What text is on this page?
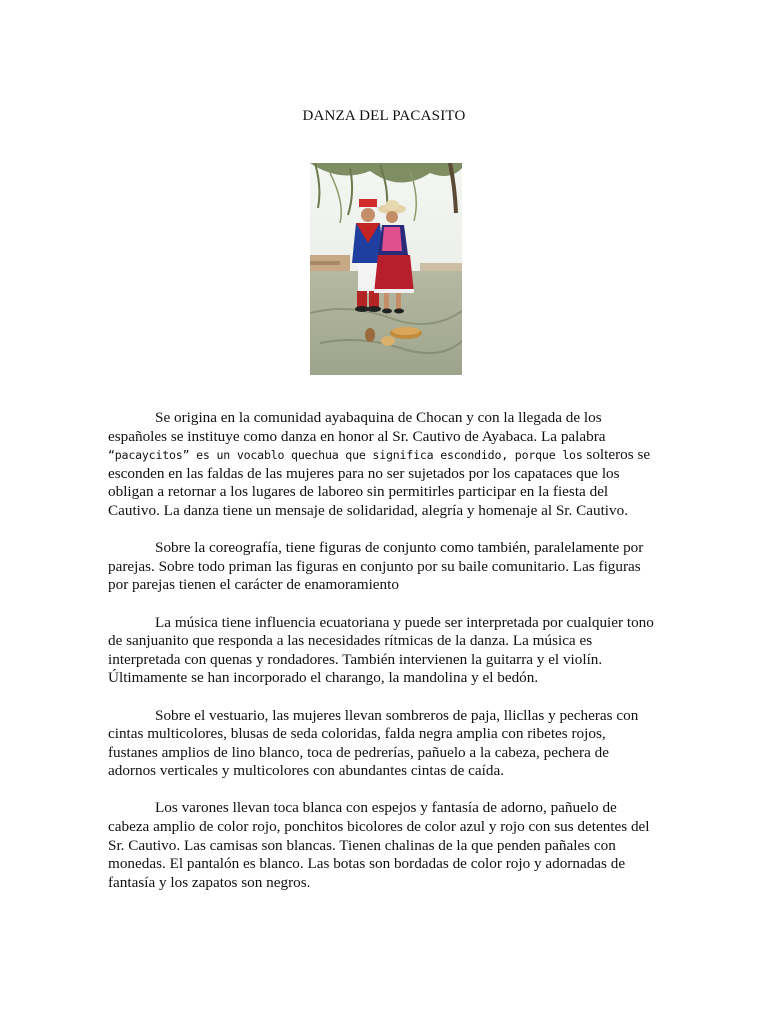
DANZA DEL PACASITO

Se origina en la comunidad ayabaquina de Chocan y con la llegada de los españoles se instituye como danza en honor al Sr. Cautivo de Ayabaca. La palabra “pacaycitos” es un vocablo quechua que significa escondido, porque los solteros se esconden en las faldas de las mujeres para no ser sujetados por los capataces que los obligan a retornar a los lugares de laboreo sin permitirles participar en la fiesta del Cautivo. La danza tiene un mensaje de solidaridad, alegría y homenaje al Sr. Cautivo.

Sobre la coreografía, tiene figuras de conjunto como también, paralelamente por parejas. Sobre todo priman las figuras en conjunto por su baile comunitario. Las figuras por parejas tienen el carácter de enamoramiento

La música tiene influencia ecuatoriana y puede ser interpretada por cualquier tono de sanjuanito que responda a las necesidades rítmicas de la danza. La música es interpretada con quenas y rondadores. También intervienen la guitarra y el violín. Últimamente se han incorporado el charango, la mandolina y el bedón.

Sobre el vestuario, las mujeres llevan sombreros de paja, llicllas y pecheras con cintas multicolores, blusas de seda coloridas, falda negra amplia con ribetes rojos, fustanes amplios de lino blanco, toca de pedrerías, pañuelo a la cabeza, pechera de adornos verticales y multicolores con abundantes cintas de caída.

Los varones llevan toca blanca con espejos y fantasía de adorno, pañuelo de cabeza amplio de color rojo, ponchitos bicolores de color azul y rojo con sus detentes del Sr. Cautivo. Las camisas son blancas. Tienen chalinas de la que penden pañales con monedas. El pantalón es blanco. Las botas son bordadas de color rojo y adornadas de fantasía y los zapatos son negros.
